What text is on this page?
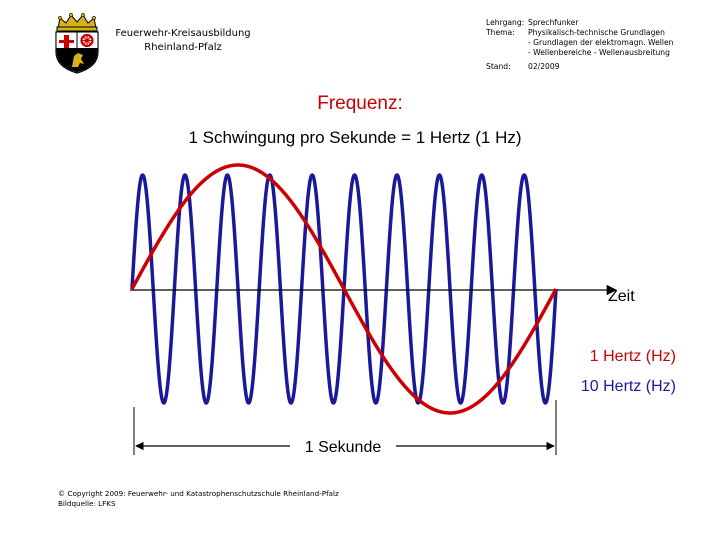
Feuerwehr-Kreisausbildung
Rheinland-Pfalz
Lehrgang: Sprechfunker
Thema:	Physikalisch-technische Grundlagen
- Grundlagen der elektromagn. Wellen
- Wellenbereiche - Wellenausbreitung
Stand:	02/2009
Frequenz:
1 Schwingung pro Sekunde = 1 Hertz (1 Hz)
Zeit
1 Hertz (Hz)
10 Hertz (Hz)
1 Sekunde
© Copyright 2009: Feuerwehr- und Katastrophenschutzschule Rheinland-Pfalz
Bildquelle: LFKS
